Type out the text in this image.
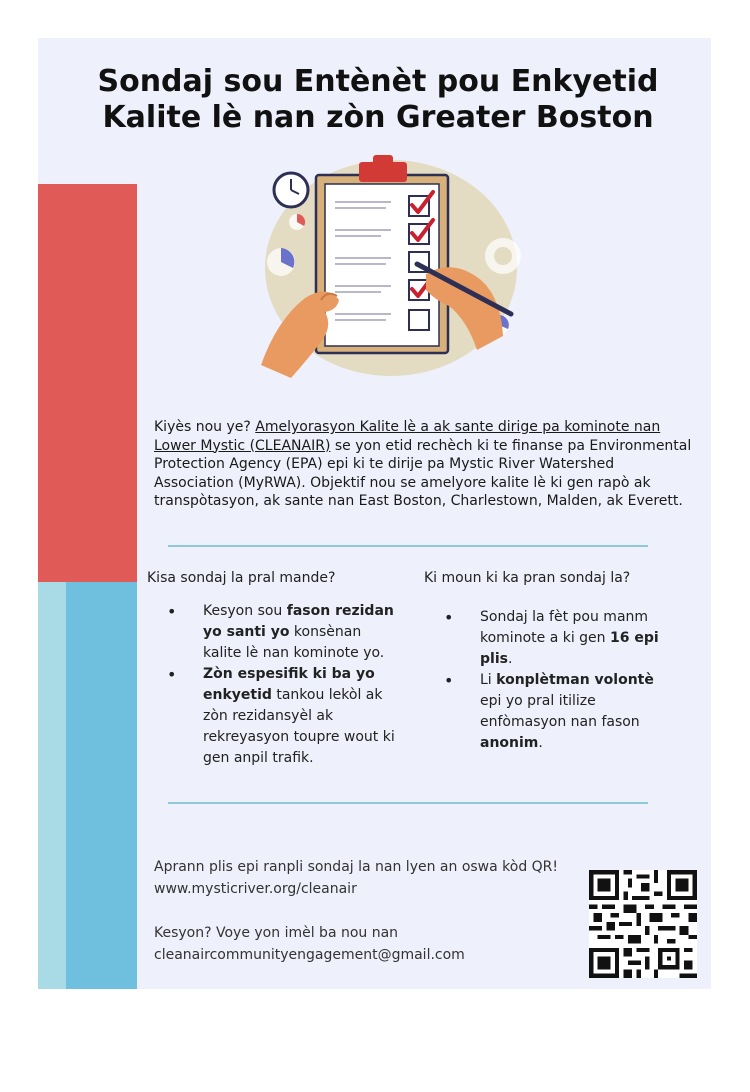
Sondaj sou Entènèt pou Enkyetid
Kalite lè nan zòn Greater Boston

Kiyès nou ye? Amelyorasyon Kalite lè a ak sante dirige pa kominote nan Lower Mystic (CLEANAIR) se yon etid rechèch ki te finanse pa Environmental Protection Agency (EPA) epi ki te dirije pa Mystic River Watershed Association (MyRWA). Objektif nou se amelyore kalite lè ki gen rapò ak transpòtasyon, ak sante nan East Boston, Charlestown, Malden, ak Everett.

Kisa sondaj la pral mande?
• Kesyon sou fason rezidan yo santi yo konsènan kalite lè nan kominote yo.
• Zòn espesifik ki ba yo enkyetid tankou lekòl ak zòn rezidansyèl ak rekreyasyon toupre wout ki gen anpil trafik.
Ki moun ki ka pran sondaj la?
• Sondaj la fèt pou manm kominote a ki gen 16 epi plis.
• Li konplètman volontè epi yo pral itilize enfòmasyon nan fason anonim.

Aprann plis epi ranpli sondaj la nan lyen an oswa kòd QR! www.mysticriver.org/cleanair

Kesyon? Voye yon imèl ba nou nan cleanaircommunityengagement@gmail.com
